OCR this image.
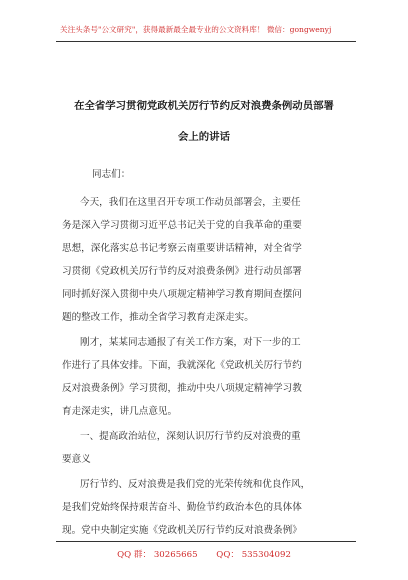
关注头条号"公文研究"，获得最新最全最专业的公文资料库！ 微信：gongwenyj
在全省学习贯彻党政机关厉行节约反对浪费条例动员部署
会上的讲话
同志们：
今天，我们在这里召开专项工作动员部署会，主要任
务是深入学习贯彻习近平总书记关于党的自我革命的重要
思想，深化落实总书记考察云南重要讲话精神，对全省学
习贯彻《党政机关厉行节约反对浪费条例》进行动员部署
同时抓好深入贯彻中央八项规定精神学习教育期间查摆问
题的整改工作，推动全省学习教育走深走实。
刚才，某某同志通报了有关工作方案，对下一步的工
作进行了具体安排。下面，我就深化《党政机关厉行节约
反对浪费条例》学习贯彻，推动中央八项规定精神学习教
育走深走实，讲几点意见。
一、提高政治站位，深刻认识厉行节约反对浪费的重
要意义
厉行节约、反对浪费是我们党的光荣传统和优良作风，
是我们党始终保持艰苦奋斗、勤俭节约政治本色的具体体
现。党中央制定实施《党政机关厉行节约反对浪费条例》
QQ 群： 30265665 QQ： 535304092
